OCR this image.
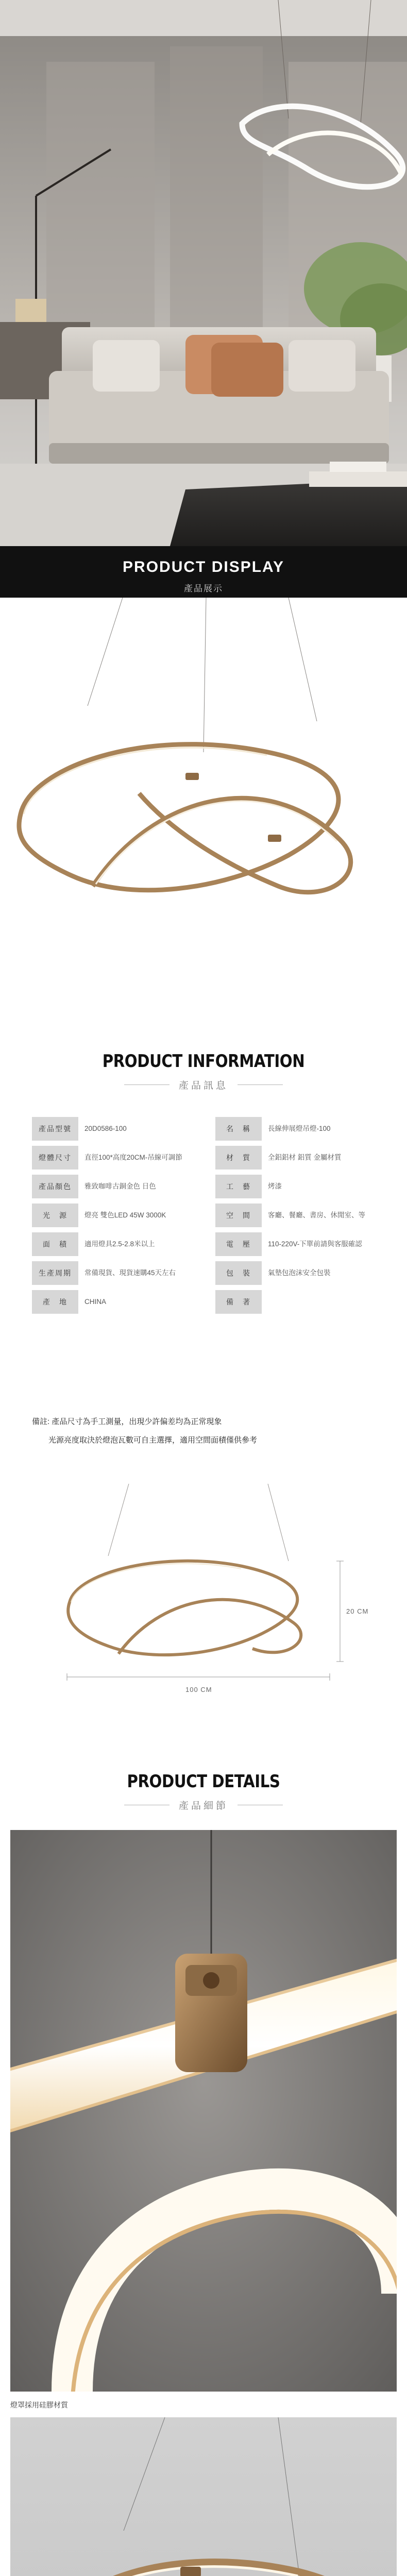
PRODUCT DISPLAY
產品展示
PRODUCT INFORMATION
產品訊息
產品型號	20D0586-100	名　稱	長線伸展燈吊燈-100
燈體尺寸	直徑100*高度20CM-吊線可調節	材　質	全鋁鋁材 鋁質 金屬材質
產品顏色	雅致咖啡古銅金色 日色	工　藝	烤漆
光　源	燈亮 雙色LED 45W 3000K	空　間	客廳、餐廳、書房、休閒室、等
面　積	適用燈具2.5-2.8米以上	電　壓	110-220V-下單前請與客服確認
生產周期	常備現貨、現貨速購45天左右	包　裝	氣墊包泡沫安全包裝
產　地	CHINA	備　著

備註: 產品尺寸為手工測量，出現少許偏差均為正常現象

光源亮度取決於燈泡瓦數可自主選擇，適用空間面積僅供參考

100 CM
20 CM
PRODUCT DETAILS
產品細節
燈罩採用硅膠材質
